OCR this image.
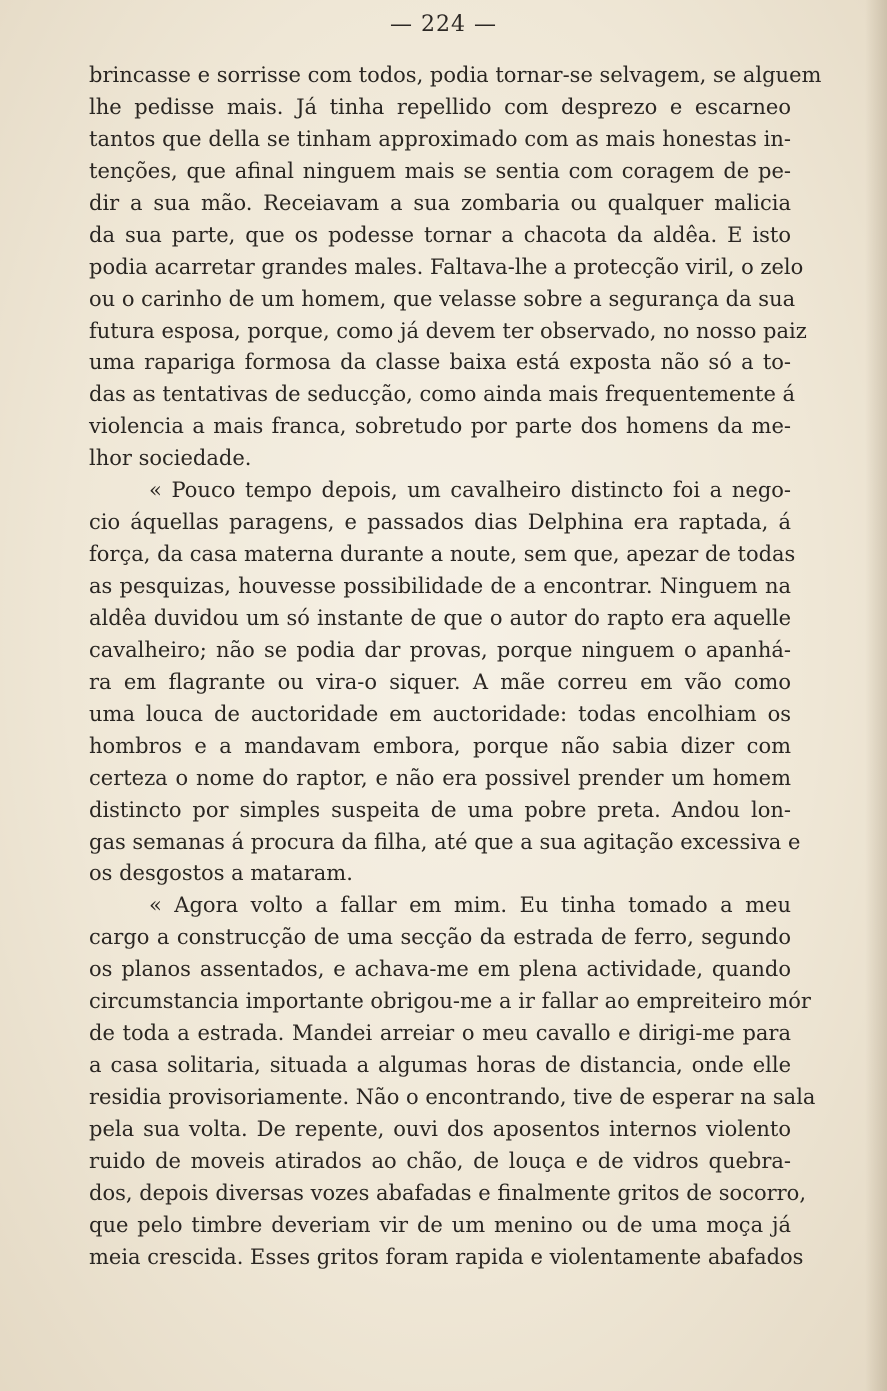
— 224 —
brincasse e sorrisse com todos, podia tornar-se selvagem, se alguem
lhe pedisse mais. Já tinha repellido com desprezo e escarneo
tantos que della se tinham approximado com as mais honestas in-
tenções, que afinal ninguem mais se sentia com coragem de pe-
dir a sua mão. Receiavam a sua zombaria ou qualquer malicia
da sua parte, que os podesse tornar a chacota da aldêa. E isto
podia acarretar grandes males. Faltava-lhe a protecção viril, o zelo
ou o carinho de um homem, que velasse sobre a segurança da sua
futura esposa, porque, como já devem ter observado, no nosso paiz
uma rapariga formosa da classe baixa está exposta não só a to-
das as tentativas de seducção, como ainda mais frequentemente á
violencia a mais franca, sobretudo por parte dos homens da me-
lhor sociedade.
« Pouco tempo depois, um cavalheiro distincto foi a nego-
cio áquellas paragens, e passados dias Delphina era raptada, á
força, da casa materna durante a noute, sem que, apezar de todas
as pesquizas, houvesse possibilidade de a encontrar. Ninguem na
aldêa duvidou um só instante de que o autor do rapto era aquelle
cavalheiro; não se podia dar provas, porque ninguem o apanhá-
ra em flagrante ou vira-o siquer. A mãe correu em vão como
uma louca de auctoridade em auctoridade: todas encolhiam os
hombros e a mandavam embora, porque não sabia dizer com
certeza o nome do raptor, e não era possivel prender um homem
distincto por simples suspeita de uma pobre preta. Andou lon-
gas semanas á procura da filha, até que a sua agitação excessiva e
os desgostos a mataram.
« Agora volto a fallar em mim. Eu tinha tomado a meu
cargo a construcção de uma secção da estrada de ferro, segundo
os planos assentados, e achava-me em plena actividade, quando
circumstancia importante obrigou-me a ir fallar ao empreiteiro mór
de toda a estrada. Mandei arreiar o meu cavallo e dirigi-me para
a casa solitaria, situada a algumas horas de distancia, onde elle
residia provisoriamente. Não o encontrando, tive de esperar na sala
pela sua volta. De repente, ouvi dos aposentos internos violento
ruido de moveis atirados ao chão, de louça e de vidros quebra-
dos, depois diversas vozes abafadas e finalmente gritos de socorro,
que pelo timbre deveriam vir de um menino ou de uma moça já
meia crescida. Esses gritos foram rapida e violentamente abafados
